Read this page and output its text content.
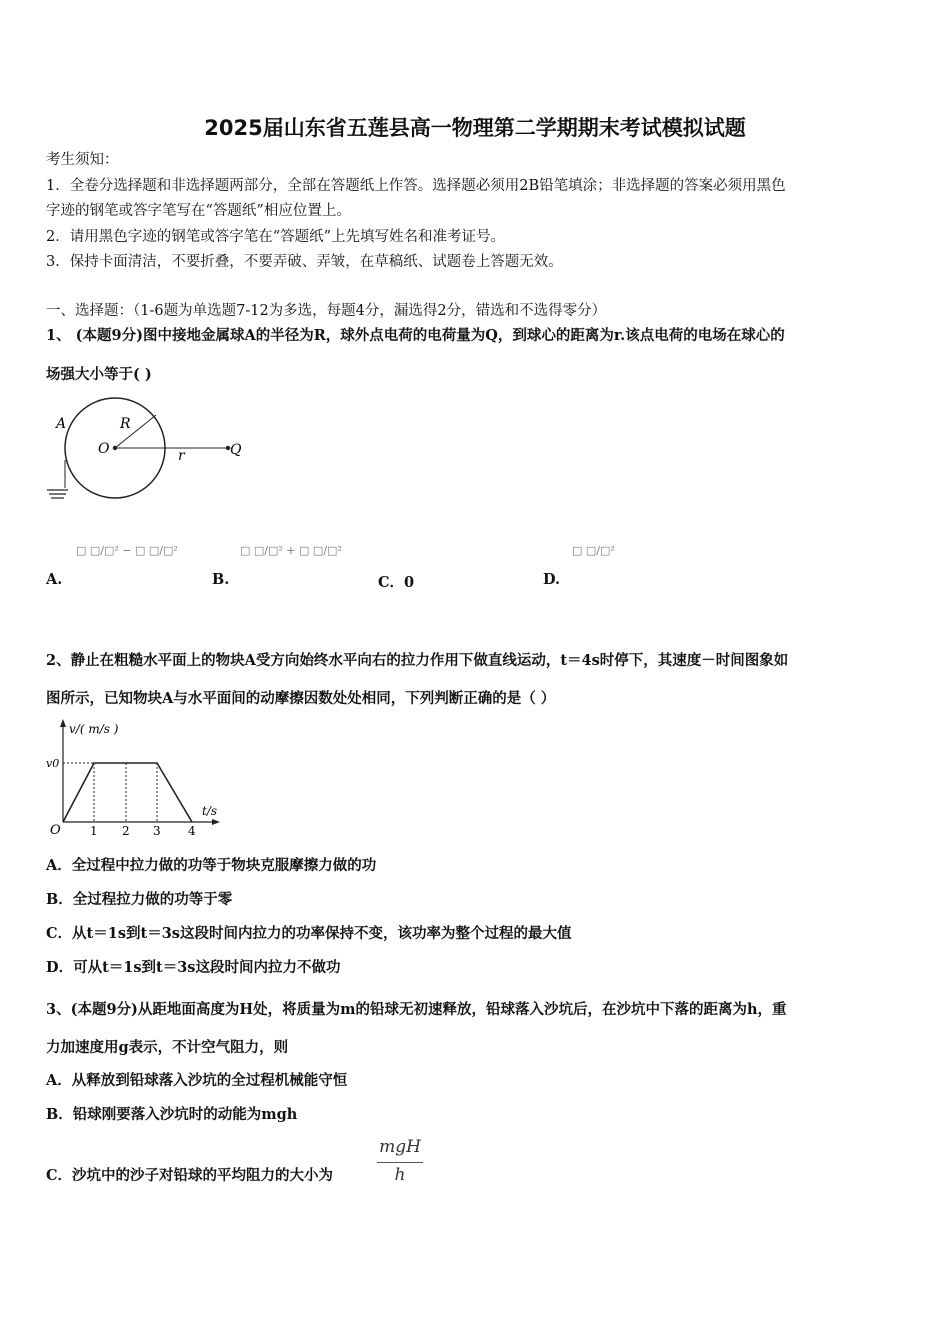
2025届山东省五莲县高一物理第二学期期末考试模拟试题
考生须知：
1．全卷分选择题和非选择题两部分，全部在答题纸上作答。选择题必须用2B铅笔填涂；非选择题的答案必须用黑色
字迹的钢笔或答字笔写在“答题纸”相应位置上。
2．请用黑色字迹的钢笔或答字笔在“答题纸”上先填写姓名和准考证号。
3．保持卡面清洁，不要折叠，不要弄破、弄皱，在草稿纸、试题卷上答题无效。
一、选择题：（1-6题为单选题7-12为多选，每题4分，漏选得2分，错选和不选得零分）
1、 (本题9分)图中接地金属球A的半径为R，球外点电荷的电荷量为Q，到球心的距离为r.该点电荷的电场在球心的
场强大小等于( )
A	R
O	r	Q
□ □/□² − □ □/□²	□ □/□² + □ □/□²	□ □/□²
A.	B.	C．0	D.
2、静止在粗糙水平面上的物块A受方向始终水平向右的拉力作用下做直线运动，t＝4s时停下，其速度－时间图象如
图所示，已知物块A与水平面间的动摩擦因数处处相同，下列判断正确的是（ ）
v/( m/s )
v0
t/s
O 1 2 3 4
A．全过程中拉力做的功等于物块克服摩擦力做的功
B．全过程拉力做的功等于零
C．从t＝1s到t＝3s这段时间内拉力的功率保持不变，该功率为整个过程的最大值
D．可从t＝1s到t＝3s这段时间内拉力不做功
3、(本题9分)从距地面高度为H处，将质量为m的铅球无初速释放，铅球落入沙坑后，在沙坑中下落的距离为h，重
力加速度用g表示，不计空气阻力，则
A．从释放到铅球落入沙坑的全过程机械能守恒
B．铅球刚要落入沙坑时的动能为mgh
C．沙坑中的沙子对铅球的平均阻力的大小为
mgH
h
